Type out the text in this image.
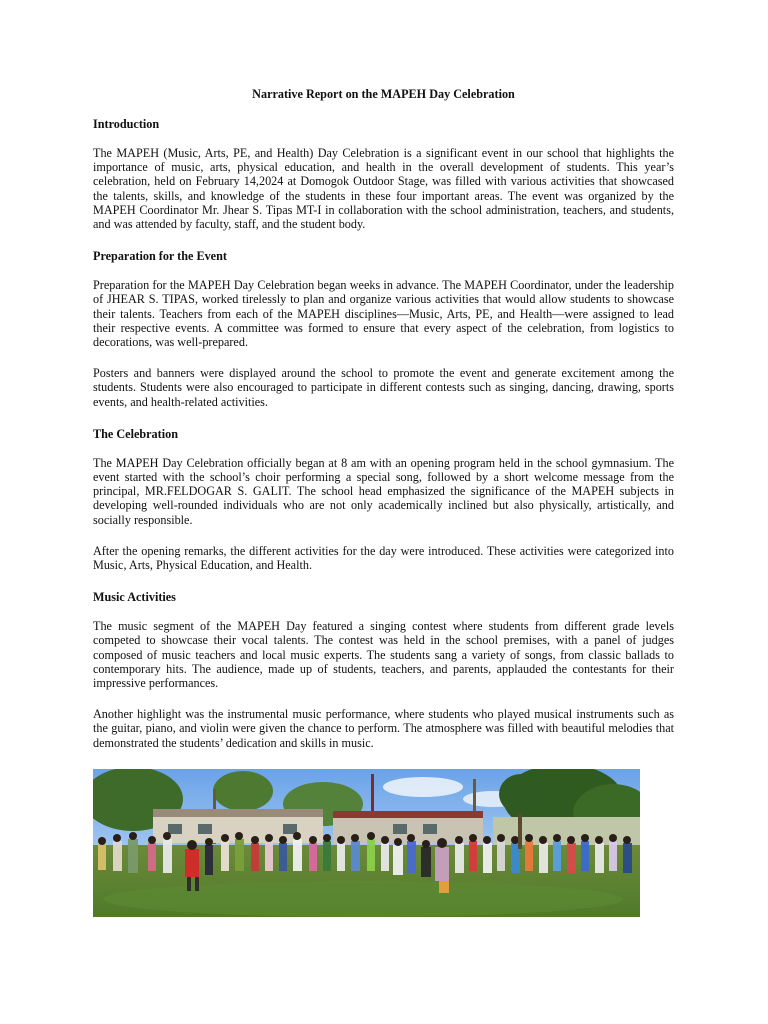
Narrative Report on the MAPEH Day Celebration
Introduction

The MAPEH (Music, Arts, PE, and Health) Day Celebration is a significant event in our school that highlights the importance of music, arts, physical education, and health in the overall development of students. This year’s celebration, held on February 14,2024 at Domogok Outdoor Stage, was filled with various activities that showcased the talents, skills, and knowledge of the students in these four important areas. The event was organized by the MAPEH Coordinator Mr. Jhear S. Tipas MT-I in collaboration with the school administration, teachers, and students, and was attended by faculty, staff, and the student body.

Preparation for the Event

Preparation for the MAPEH Day Celebration began weeks in advance. The MAPEH Coordinator, under the leadership of JHEAR S. TIPAS, worked tirelessly to plan and organize various activities that would allow students to showcase their talents. Teachers from each of the MAPEH disciplines—Music, Arts, PE, and Health—were assigned to lead their respective events. A committee was formed to ensure that every aspect of the celebration, from logistics to decorations, was well-prepared.

Posters and banners were displayed around the school to promote the event and generate excitement among the students. Students were also encouraged to participate in different contests such as singing, dancing, drawing, sports events, and health-related activities.

The Celebration

The MAPEH Day Celebration officially began at 8 am with an opening program held in the school gymnasium. The event started with the school’s choir performing a special song, followed by a short welcome message from the principal, MR.FELDOGAR S. GALIT. The school head emphasized the significance of the MAPEH subjects in developing well-rounded individuals who are not only academically inclined but also physically, artistically, and socially responsible.

After the opening remarks, the different activities for the day were introduced. These activities were categorized into Music, Arts, Physical Education, and Health.

Music Activities

The music segment of the MAPEH Day featured a singing contest where students from different grade levels competed to showcase their vocal talents. The contest was held in the school premises, with a panel of judges composed of music teachers and local music experts. The students sang a variety of songs, from classic ballads to contemporary hits. The audience, made up of students, teachers, and parents, applauded the contestants for their impressive performances.

Another highlight was the instrumental music performance, where students who played musical instruments such as the guitar, piano, and violin were given the chance to perform. The atmosphere was filled with beautiful melodies that demonstrated the students’ dedication and skills in music.
